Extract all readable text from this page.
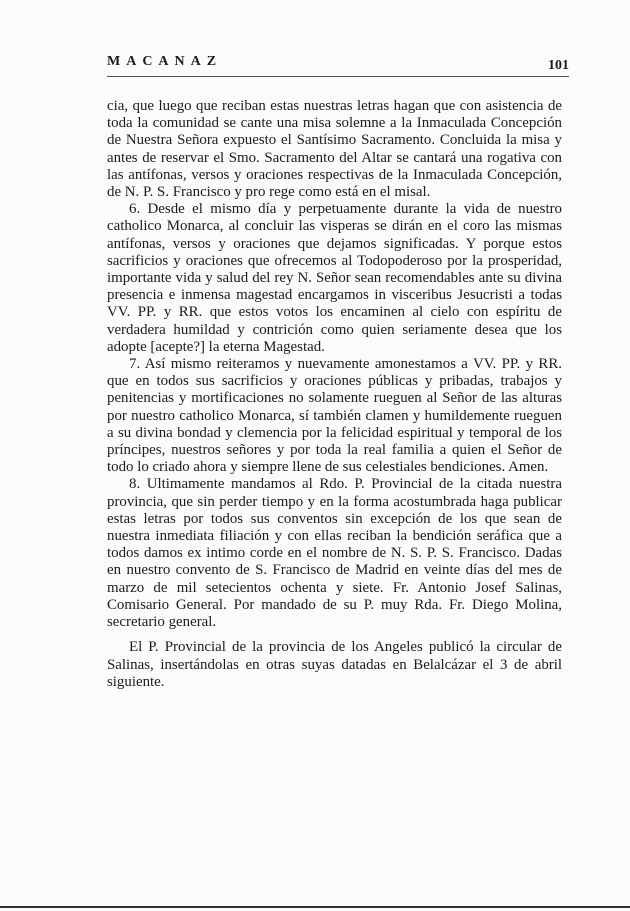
MACANAZ	101

cia, que luego que reciban estas nuestras letras hagan que con asistencia de toda la comunidad se cante una misa solemne a la Inmaculada Concepción de Nuestra Señora expuesto el Santísimo Sacramento. Concluida la misa y antes de reservar el Smo. Sacramento del Altar se cantará una rogativa con las antífonas, versos y oraciones respectivas de la Inmaculada Concepción, de N. P. S. Francisco y pro rege como está en el misal.

6. Desde el mismo día y perpetuamente durante la vida de nuestro catholico Monarca, al concluir las visperas se dirán en el coro las mismas antífonas, versos y oraciones que dejamos significadas. Y porque estos sacrificios y oraciones que ofrecemos al Todopoderoso por la prosperidad, importante vida y salud del rey N. Señor sean recomendables ante su divina presencia e inmensa magestad encargamos in visceribus Jesucristi a todas VV. PP. y RR. que estos votos los encaminen al cielo con espíritu de verdadera humildad y contrición como quien seriamente desea que los adopte [acepte?] la eterna Magestad.

7. Así mismo reiteramos y nuevamente amonestamos a VV. PP. y RR. que en todos sus sacrificios y oraciones públicas y pribadas, trabajos y penitencias y mortificaciones no solamente rueguen al Señor de las alturas por nuestro catholico Monarca, sí también clamen y humildemente rueguen a su divina bondad y clemencia por la felicidad espiritual y temporal de los príncipes, nuestros señores y por toda la real familia a quien el Señor de todo lo criado ahora y siempre llene de sus celestiales bendiciones. Amen.

8. Ultimamente mandamos al Rdo. P. Provincial de la citada nuestra provincia, que sin perder tiempo y en la forma acostumbrada haga publicar estas letras por todos sus conventos sin excepción de los que sean de nuestra inmediata filiación y con ellas reciban la bendición seráfica que a todos damos ex intimo corde en el nombre de N. S. P. S. Francisco. Dadas en nuestro convento de S. Francisco de Madrid en veinte días del mes de marzo de mil setecientos ochenta y siete. Fr. Antonio Josef Salinas, Comisario General. Por mandado de su P. muy Rda. Fr. Diego Molina, secretario general.

El P. Provincial de la provincia de los Angeles publicó la circular de Salinas, insertándolas en otras suyas datadas en Belalcázar el 3 de abril siguiente.
